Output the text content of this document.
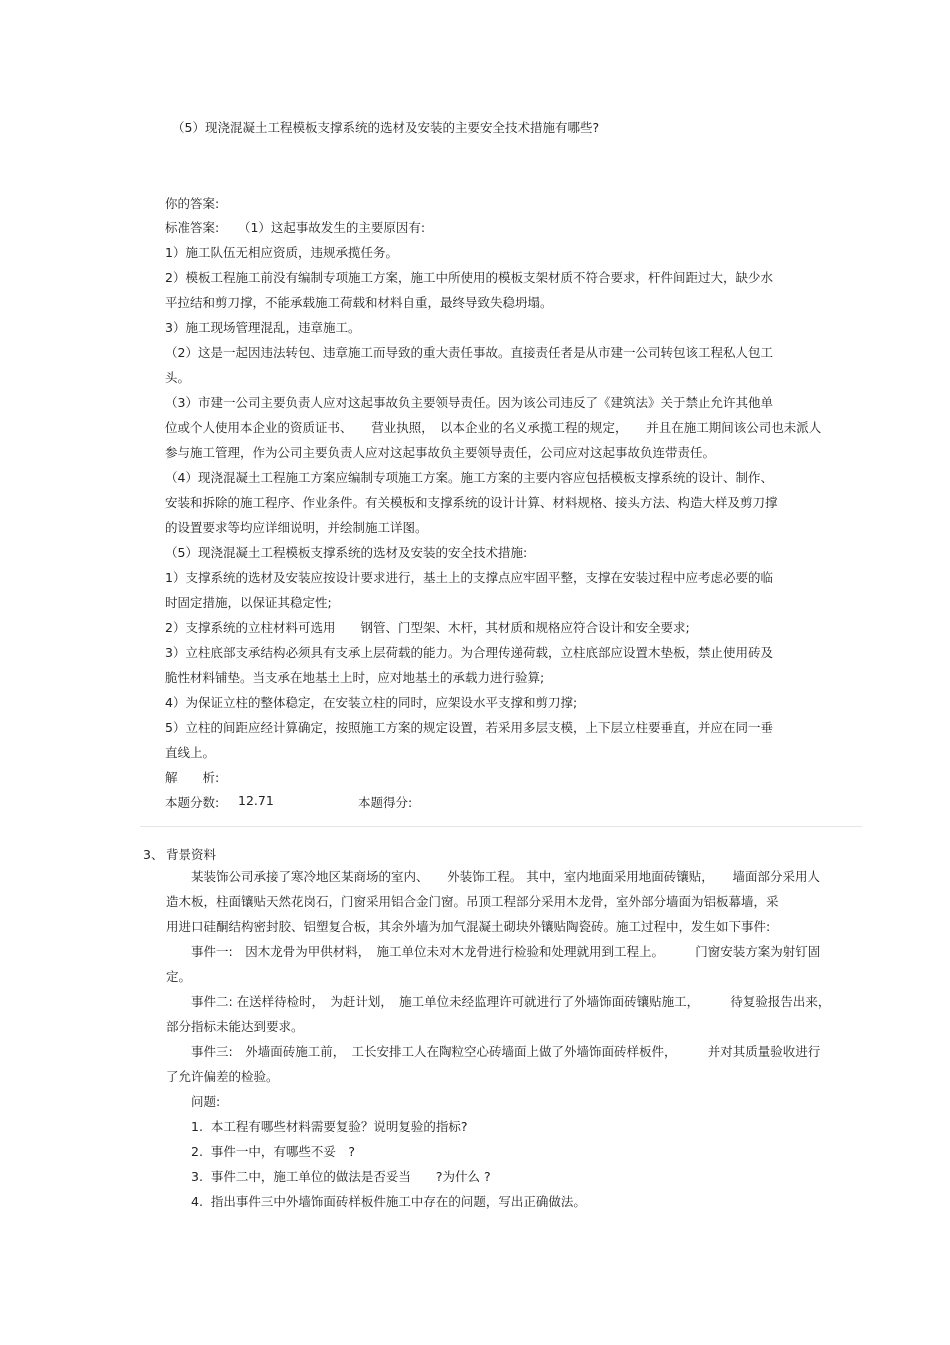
（5）现浇混凝土工程模板支撑系统的选材及安装的主要安全技术措施有哪些?
你的答案:
标准答案:　　（1）这起事故发生的主要原因有:
1）施工队伍无相应资质，违规承揽任务。
2）模板工程施工前没有编制专项施工方案，施工中所使用的模板支架材质不符合要求，杆件间距过大，缺少水
平拉结和剪刀撑，不能承载施工荷载和材料自重，最终导致失稳坍塌。
3）施工现场管理混乱，违章施工。
（2）这是一起因违法转包、违章施工而导致的重大责任事故。直接责任者是从市建一公司转包该工程私人包工
头。
（3）市建一公司主要负责人应对这起事故负主要领导责任。因为该公司违反了《建筑法》关于禁止允许其他单
位或个人使用本企业的资质证书、　　营业执照，　以本企业的名义承揽工程的规定，　　并且在施工期间该公司也未派人
参与施工管理，作为公司主要负责人应对这起事故负主要领导责任，公司应对这起事故负连带责任。
（4）现浇混凝土工程施工方案应编制专项施工方案。施工方案的主要内容应包括模板支撑系统的设计、制作、
安装和拆除的施工程序、作业条件。有关模板和支撑系统的设计计算、材料规格、接头方法、构造大样及剪刀撑
的设置要求等均应详细说明，并绘制施工详图。
（5）现浇混凝土工程模板支撑系统的选材及安装的安全技术措施:
1）支撑系统的选材及安装应按设计要求进行，基土上的支撑点应牢固平整，支撑在安装过程中应考虑必要的临
时固定措施，以保证其稳定性;
2）支撑系统的立柱材料可选用　　钢管、门型架、木杆，其材质和规格应符合设计和安全要求;
3）立柱底部支承结构必须具有支承上层荷载的能力。为合理传递荷载，立柱底部应设置木垫板，禁止使用砖及
脆性材料铺垫。当支承在地基土上时，应对地基土的承载力进行验算;
4）为保证立柱的整体稳定，在安装立柱的同时，应架设水平支撑和剪刀撑;
5）立柱的间距应经计算确定，按照施工方案的规定设置，若采用多层支模，上下层立柱要垂直，并应在同一垂
直线上。
解　　析:

本题分数:

12.71

	本题得分:

3、 背景资料
　　某装饰公司承接了寒冷地区某商场的室内、　　外装饰工程。 其中，室内地面采用地面砖镶贴，　　墙面部分采用人
造木板，柱面镶贴天然花岗石，门窗采用铝合金门窗。吊顶工程部分采用木龙骨，室外部分墙面为铝板幕墙，采
用进口硅酮结构密封胶、铝塑复合板，其余外墙为加气混凝土砌块外镶贴陶瓷砖。施工过程中，发生如下事件:
　　事件一:　因木龙骨为甲供材料，　施工单位未对木龙骨进行检验和处理就用到工程上。　　　门窗安装方案为射钉固
定。
　　事件二: 在送样待检时，　为赶计划，　施工单位未经监理许可就进行了外墙饰面砖镶贴施工，　　　待复验报告出来，
部分指标未能达到要求。
　　事件三:　外墙面砖施工前，　工长安排工人在陶粒空心砖墙面上做了外墙饰面砖样板件，　　　并对其质量验收进行
了允许偏差的检验。
　　问题:
　　1.  本工程有哪些材料需要复验？说明复验的指标?
　　2.  事件一中，有哪些不妥　?
　　3.  事件二中，施工单位的做法是否妥当　　?为什么 ?
　　4.  指出事件三中外墙饰面砖样板件施工中存在的问题，写出正确做法。
